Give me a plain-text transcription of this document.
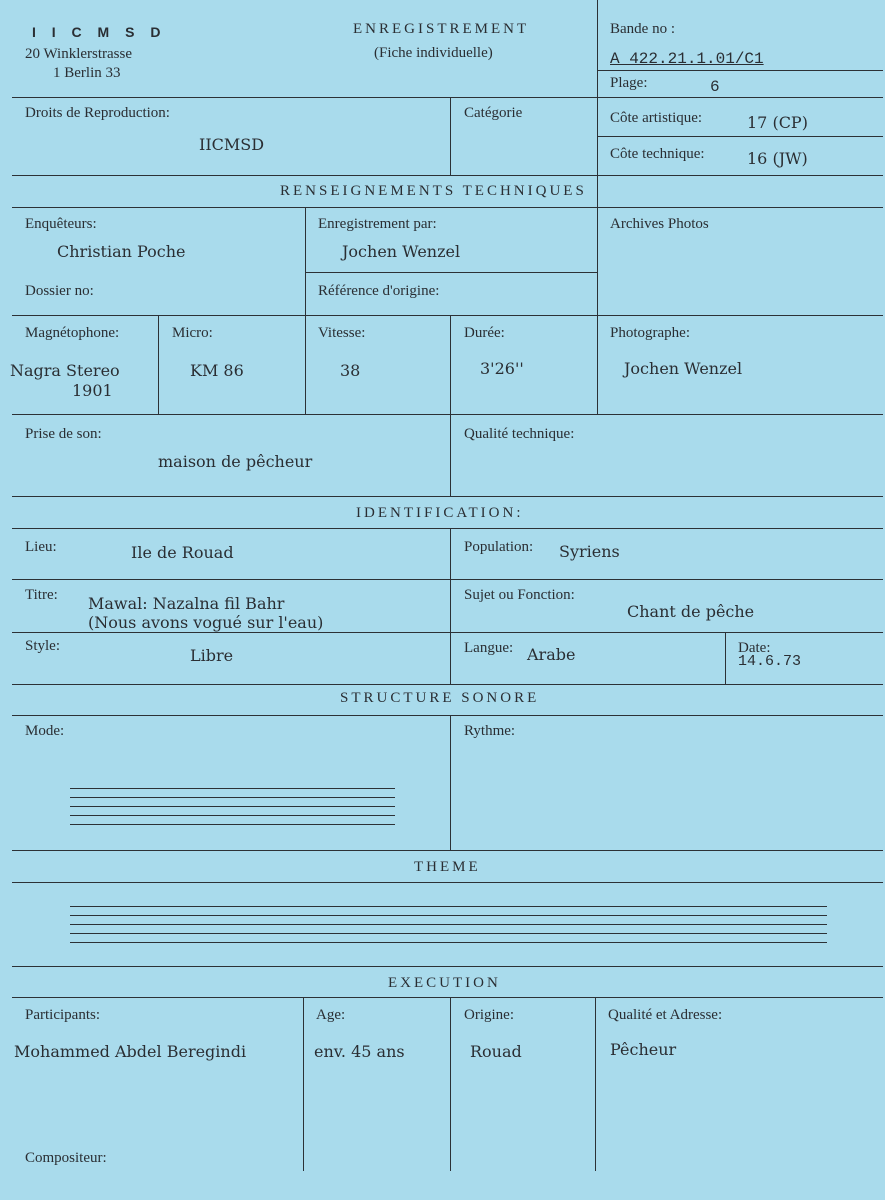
I I C M S D
20 Winklerstrasse
1 Berlin 33
ENREGISTREMENT
(Fiche individuelle)
Bande no :
A 422.21.1.01/C1
Plage:	6
Droits de Reproduction:
IICMSD
Catégorie	Côte artistique:	17 (CP)
Côte technique:	16 (JW)
RENSEIGNEMENTS TECHNIQUES
Enquêteurs:
Christian Poche
Enregistrement par:
Jochen Wenzel
Archives Photos
Dossier no:	Référence d'origine:
Magnétophone:
Nagra Stereo
1901
Micro:
KM 86
Vitesse:
38
Durée:
3'26''
Photographe:
Jochen Wenzel
Prise de son:
maison de pêcheur
Qualité technique:
IDENTIFICATION:
Lieu:	Ile de Rouad	Population: Syriens
Titre: Mawal: Nazalna fil Bahr
(Nous avons vogué sur l'eau)
Sujet ou Fonction:
Chant de pêche
Style:	Libre	Langue: Arabe	Date:
14.6.73
STRUCTURE SONORE
Mode:	Rythme:
THEME
EXECUTION
Participants:
Mohammed Abdel Beregindi
Age:
env. 45 ans
Origine:
Rouad
Qualité et Adresse:
Pêcheur
Compositeur:
